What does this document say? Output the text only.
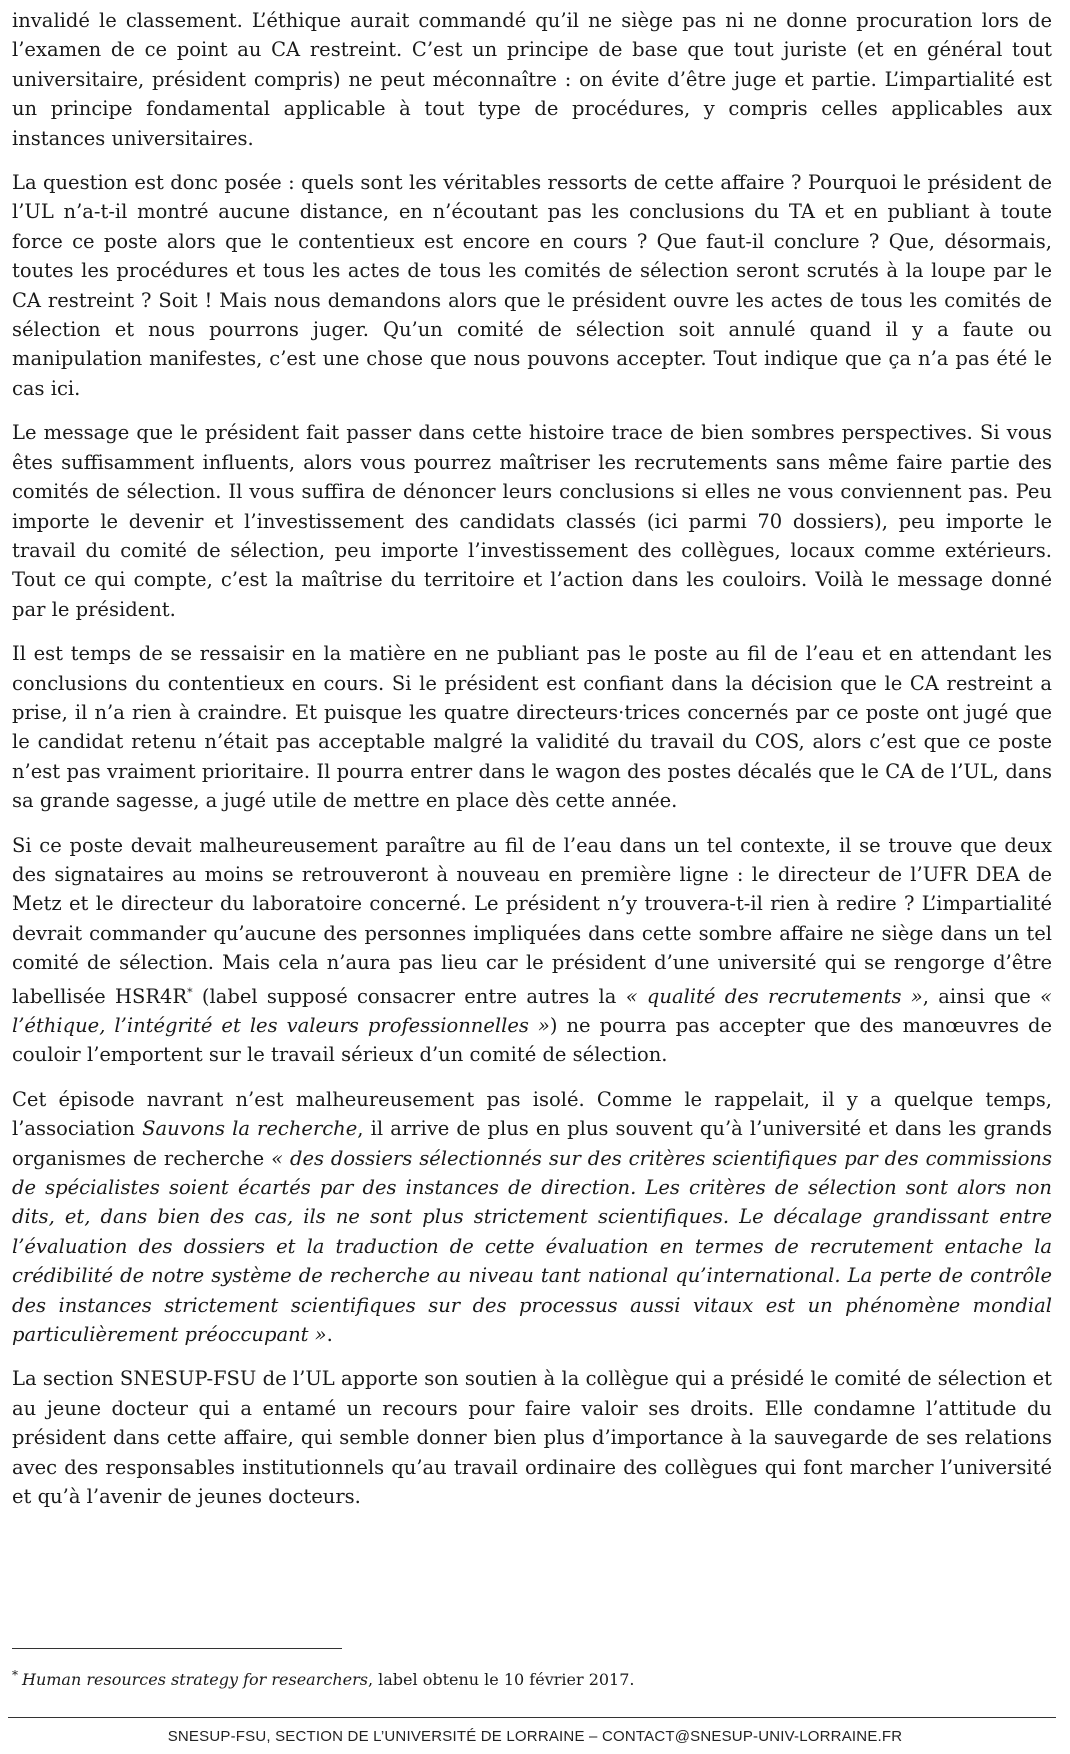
invalidé le classement. L’éthique aurait commandé qu’il ne siège pas ni ne donne procuration lors de l’examen de ce point au CA restreint. C’est un principe de base que tout juriste (et en général tout universitaire, président compris) ne peut méconnaître : on évite d’être juge et partie. L’impartialité est un principe fondamental applicable à tout type de procédures, y compris celles applicables aux instances universitaires.

La question est donc posée : quels sont les véritables ressorts de cette affaire ? Pourquoi le président de l’UL n’a-t-il montré aucune distance, en n’écoutant pas les conclusions du TA et en publiant à toute force ce poste alors que le contentieux est encore en cours ? Que faut-il conclure ? Que, désormais, toutes les procédures et tous les actes de tous les comités de sélection seront scrutés à la loupe par le CA restreint ? Soit ! Mais nous demandons alors que le président ouvre les actes de tous les comités de sélection et nous pourrons juger. Qu’un comité de sélection soit annulé quand il y a faute ou manipulation manifestes, c’est une chose que nous pouvons accepter. Tout indique que ça n’a pas été le cas ici.

Le message que le président fait passer dans cette histoire trace de bien sombres perspectives. Si vous êtes suffisamment influents, alors vous pourrez maîtriser les recrutements sans même faire partie des comités de sélection. Il vous suffira de dénoncer leurs conclusions si elles ne vous conviennent pas. Peu importe le devenir et l’investissement des candidats classés (ici parmi 70 dossiers), peu importe le travail du comité de sélection, peu importe l’investissement des collègues, locaux comme extérieurs. Tout ce qui compte, c’est la maîtrise du territoire et l’action dans les couloirs. Voilà le message donné par le président.

Il est temps de se ressaisir en la matière en ne publiant pas le poste au fil de l’eau et en attendant les conclusions du contentieux en cours. Si le président est confiant dans la décision que le CA restreint a prise, il n’a rien à craindre. Et puisque les quatre directeurs·trices concernés par ce poste ont jugé que le candidat retenu n’était pas acceptable malgré la validité du travail du COS, alors c’est que ce poste n’est pas vraiment prioritaire. Il pourra entrer dans le wagon des postes décalés que le CA de l’UL, dans sa grande sagesse, a jugé utile de mettre en place dès cette année.

Si ce poste devait malheureusement paraître au fil de l’eau dans un tel contexte, il se trouve que deux des signataires au moins se retrouveront à nouveau en première ligne : le directeur de l’UFR DEA de Metz et le directeur du laboratoire concerné. Le président n’y trouvera-t-il rien à redire ? L’impartialité devrait commander qu’aucune des personnes impliquées dans cette sombre affaire ne siège dans un tel comité de sélection. Mais cela n’aura pas lieu car le président d’une université qui se rengorge d’être labellisée HSR4R* (label supposé consacrer entre autres la « qualité des recrutements », ainsi que « l’éthique, l’intégrité et les valeurs professionnelles ») ne pourra pas accepter que des manœuvres de couloir l’emportent sur le travail sérieux d’un comité de sélection.

Cet épisode navrant n’est malheureusement pas isolé. Comme le rappelait, il y a quelque temps, l’association Sauvons la recherche, il arrive de plus en plus souvent qu’à l’université et dans les grands organismes de recherche « des dossiers sélectionnés sur des critères scientifiques par des commissions de spécialistes soient écartés par des instances de direction. Les critères de sélection sont alors non dits, et, dans bien des cas, ils ne sont plus strictement scientifiques. Le décalage grandissant entre l’évaluation des dossiers et la traduction de cette évaluation en termes de recrutement entache la crédibilité de notre système de recherche au niveau tant national qu’international. La perte de contrôle des instances strictement scientifiques sur des processus aussi vitaux est un phénomène mondial particulièrement préoccupant ».

La section SNESUP-FSU de l’UL apporte son soutien à la collègue qui a présidé le comité de sélection et au jeune docteur qui a entamé un recours pour faire valoir ses droits. Elle condamne l’attitude du président dans cette affaire, qui semble donner bien plus d’importance à la sauvegarde de ses relations avec des responsables institutionnels qu’au travail ordinaire des collègues qui font marcher l’université et qu’à l’avenir de jeunes docteurs.

* Human resources strategy for researchers, label obtenu le 10 février 2017.
SNESUP-FSU, SECTION DE L’UNIVERSITÉ DE LORRAINE – CONTACT@SNESUP-UNIV-LORRAINE.FR
